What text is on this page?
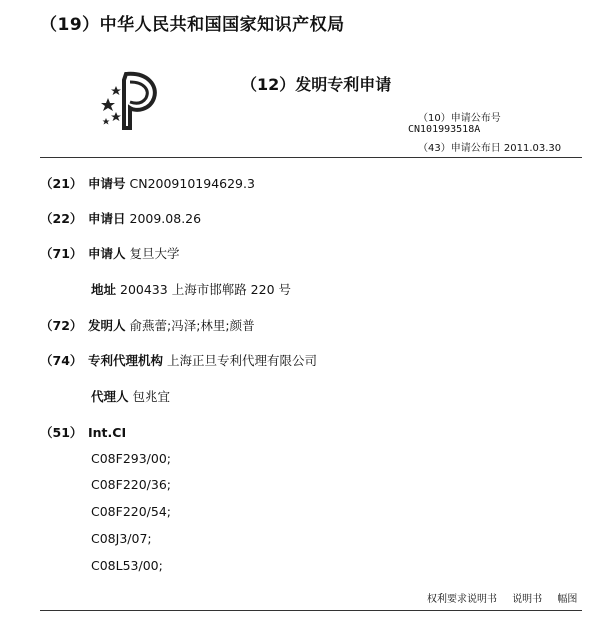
（19）中华人民共和国国家知识产权局
（12）发明专利申请
（10）申请公布号
CN101993518A
（43）申请公布日 2011.03.30
（21） 申请号 CN200910194629.3
（22） 申请日 2009.08.26
（71） 申请人 复旦大学
地址 200433 上海市邯郸路 220 号
（72） 发明人 俞燕蕾;冯泽;林里;颜普
（74） 专利代理机构 上海正旦专利代理有限公司
代理人 包兆宜
（51） Int.CI
C08F293/00;
C08F220/36;
C08F220/54;
C08J3/07;
C08L53/00;
权利要求说明书 说明书 幅图
